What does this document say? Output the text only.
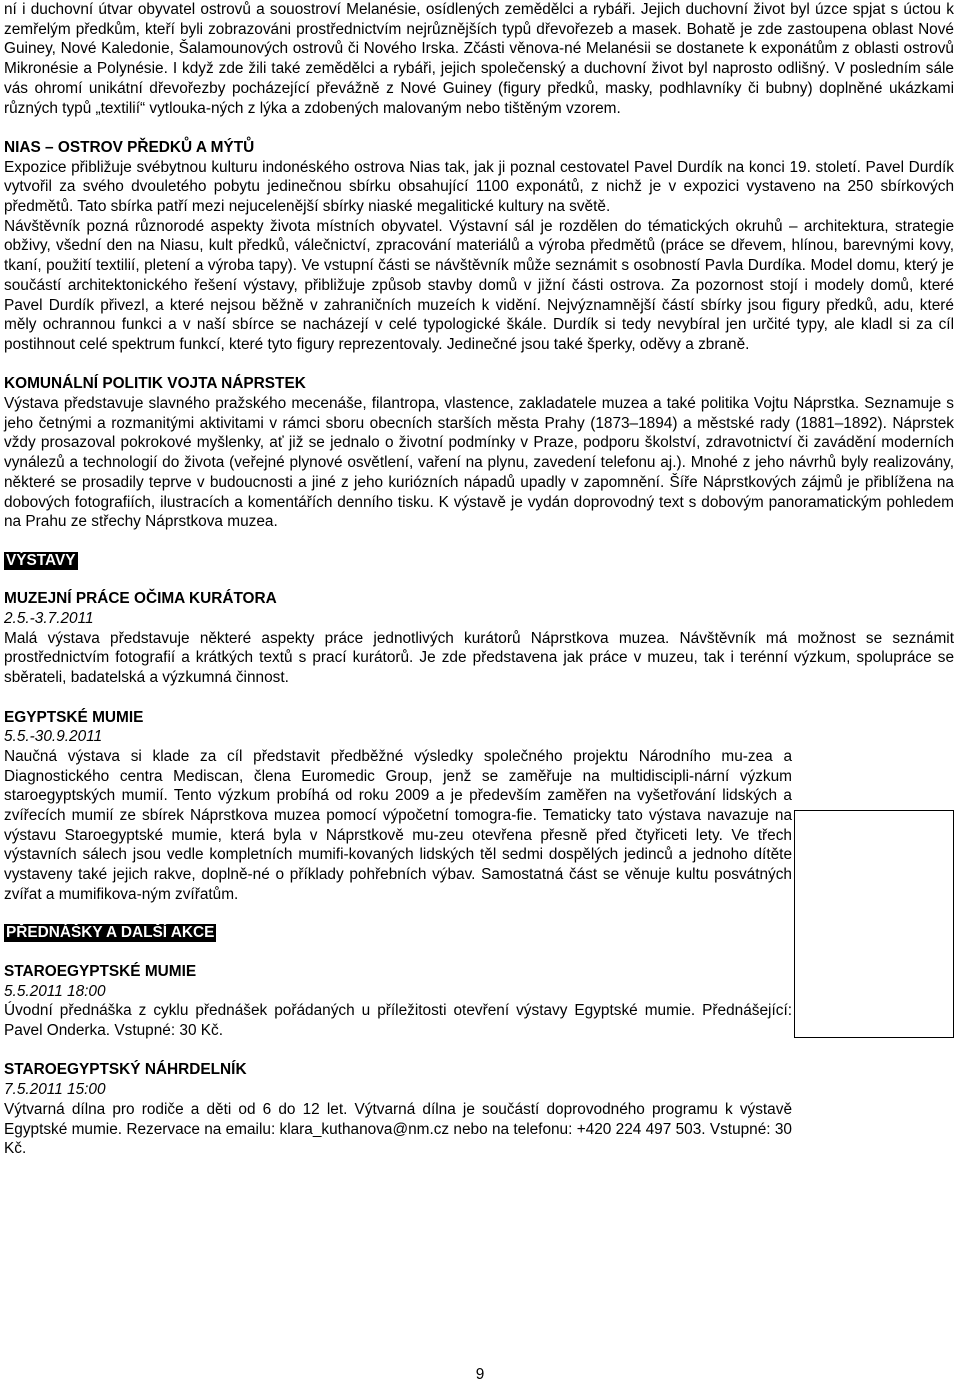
ní i duchovní útvar obyvatel ostrovů a souostroví Melanésie, osídlených zemědělci a rybáři. Jejich duchovní život byl úzce spjat s úctou k zemřelým předkům, kteří byli zobrazováni prostřednictvím nejrůznějších typů dřevořezeb a masek. Bohatě je zde zastoupena oblast Nové Guiney, Nové Kaledonie, Šalamounových ostrovů či Nového Irska. Zčásti věnova-né Melanésii se dostanete k exponátům z oblasti ostrovů Mikronésie a Polynésie. I když zde žili také zemědělci a rybáři, jejich společenský a duchovní život byl naprosto odlišný. V posledním sále vás ohromí unikátní dřevořezby pocházející převážně z Nové Guiney (figury předků, masky, podhlavníky či bubny) doplněné ukázkami různých typů „textilií“ vytlouka-ných z lýka a zdobených malovaným nebo tištěným vzorem.

NIAS – OSTROV PŘEDKŮ A MÝTŮ

Expozice přibližuje svébytnou kulturu indonéského ostrova Nias tak, jak ji poznal cestovatel Pavel Durdík na konci 19. století. Pavel Durdík vytvořil za svého dvouletého pobytu jedinečnou sbírku obsahující 1100 exponátů, z nichž je v expozici vystaveno na 250 sbírkových předmětů. Tato sbírka patří mezi nejucelenější sbírky niaské megalitické kultury na světě.

Návštěvník pozná různorodé aspekty života místních obyvatel. Výstavní sál je rozdělen do tématických okruhů – architektura, strategie obživy, všední den na Niasu, kult předků, válečnictví, zpracování materiálů a výroba předmětů (práce se dřevem, hlínou, barevnými kovy, tkaní, použití textilií, pletení a výroba tapy). Ve vstupní části se návštěvník může seznámit s osobností Pavla Durdíka. Model domu, který je součástí architektonického řešení výstavy, přibližuje způsob stavby domů v jižní části ostrova. Za pozornost stojí i modely domů, které Pavel Durdík přivezl, a které nejsou běžně v zahraničních muzeích k vidění. Nejvýznamnější částí sbírky jsou figury předků, adu, které měly ochrannou funkci a v naší sbírce se nacházejí v celé typologické škále. Durdík si tedy nevybíral jen určité typy, ale kladl si za cíl postihnout celé spektrum funkcí, které tyto figury reprezentovaly. Jedinečné jsou také šperky, oděvy a zbraně.

KOMUNÁLNÍ POLITIK VOJTA NÁPRSTEK

Výstava představuje slavného pražského mecenáše, filantropa, vlastence, zakladatele muzea a také politika Vojtu Náprstka. Seznamuje s jeho četnými a rozmanitými aktivitami v rámci sboru obecních starších města Prahy (1873–1894) a městské rady (1881–1892). Náprstek vždy prosazoval pokrokové myšlenky, ať již se jednalo o životní podmínky v Praze, podporu školství, zdravotnictví či zavádění moderních vynálezů a technologií do života (veřejné plynové osvětlení, vaření na plynu, zavedení telefonu aj.). Mnohé z jeho návrhů byly realizovány, některé se prosadily teprve v budoucnosti a jiné z jeho kuriózních nápadů upadly v zapomnění. Šíře Náprstkových zájmů je přiblížena na dobových fotografiích, ilustracích a komentářích denního tisku. K výstavě je vydán doprovodný text s dobovým panoramatickým pohledem na Prahu ze střechy Náprstkova muzea.

VÝSTAVY
MUZEJNÍ PRÁCE OČIMA KURÁTORA
2.5.-3.7.2011

Malá výstava představuje některé aspekty práce jednotlivých kurátorů Náprstkova muzea. Návštěvník má možnost se seznámit prostřednictvím fotografií a krátkých textů s prací kurátorů. Je zde představena jak práce v muzeu, tak i terénní výzkum, spolupráce se sběrateli, badatelská a výzkumná činnost.

EGYPTSKÉ MUMIE
5.5.-30.9.2011

Naučná výstava si klade za cíl představit předběžné výsledky společného projektu Národního mu-zea a Diagnostického centra Mediscan, člena Euromedic Group, jenž se zaměřuje na multidiscipli-nární výzkum staroegyptských mumií. Tento výzkum probíhá od roku 2009 a je především zaměřen na vyšetřování lidských a zvířecích mumií ze sbírek Náprstkova muzea pomocí výpočetní tomogra-fie. Tematicky tato výstava navazuje na výstavu Staroegyptské mumie, která byla v Náprstkově mu-zeu otevřena přesně před čtyřiceti lety. Ve třech výstavních sálech jsou vedle kompletních mumifi-kovaných lidských těl sedmi dospělých jedinců a jednoho dítěte vystaveny také jejich rakve, doplně-né o příklady pohřebních výbav. Samostatná část se věnuje kultu posvátných zvířat a mumifikova-ným zvířatům.

PŘEDNÁŠKY A DALŠÍ AKCE
STAROEGYPTSKÉ MUMIE
5.5.2011 18:00

Úvodní přednáška z cyklu přednášek pořádaných u příležitosti otevření výstavy Egyptské mumie. Přednášející: Pavel Onderka. Vstupné: 30 Kč.

STAROEGYPTSKÝ NÁHRDELNÍK
7.5.2011 15:00

Výtvarná dílna pro rodiče a děti od 6 do 12 let. Výtvarná dílna je součástí doprovodného programu k výstavě Egyptské mumie. Rezervace na emailu: klara_kuthanova@nm.cz nebo na telefonu: +420 224 497 503. Vstupné: 30 Kč.

9
